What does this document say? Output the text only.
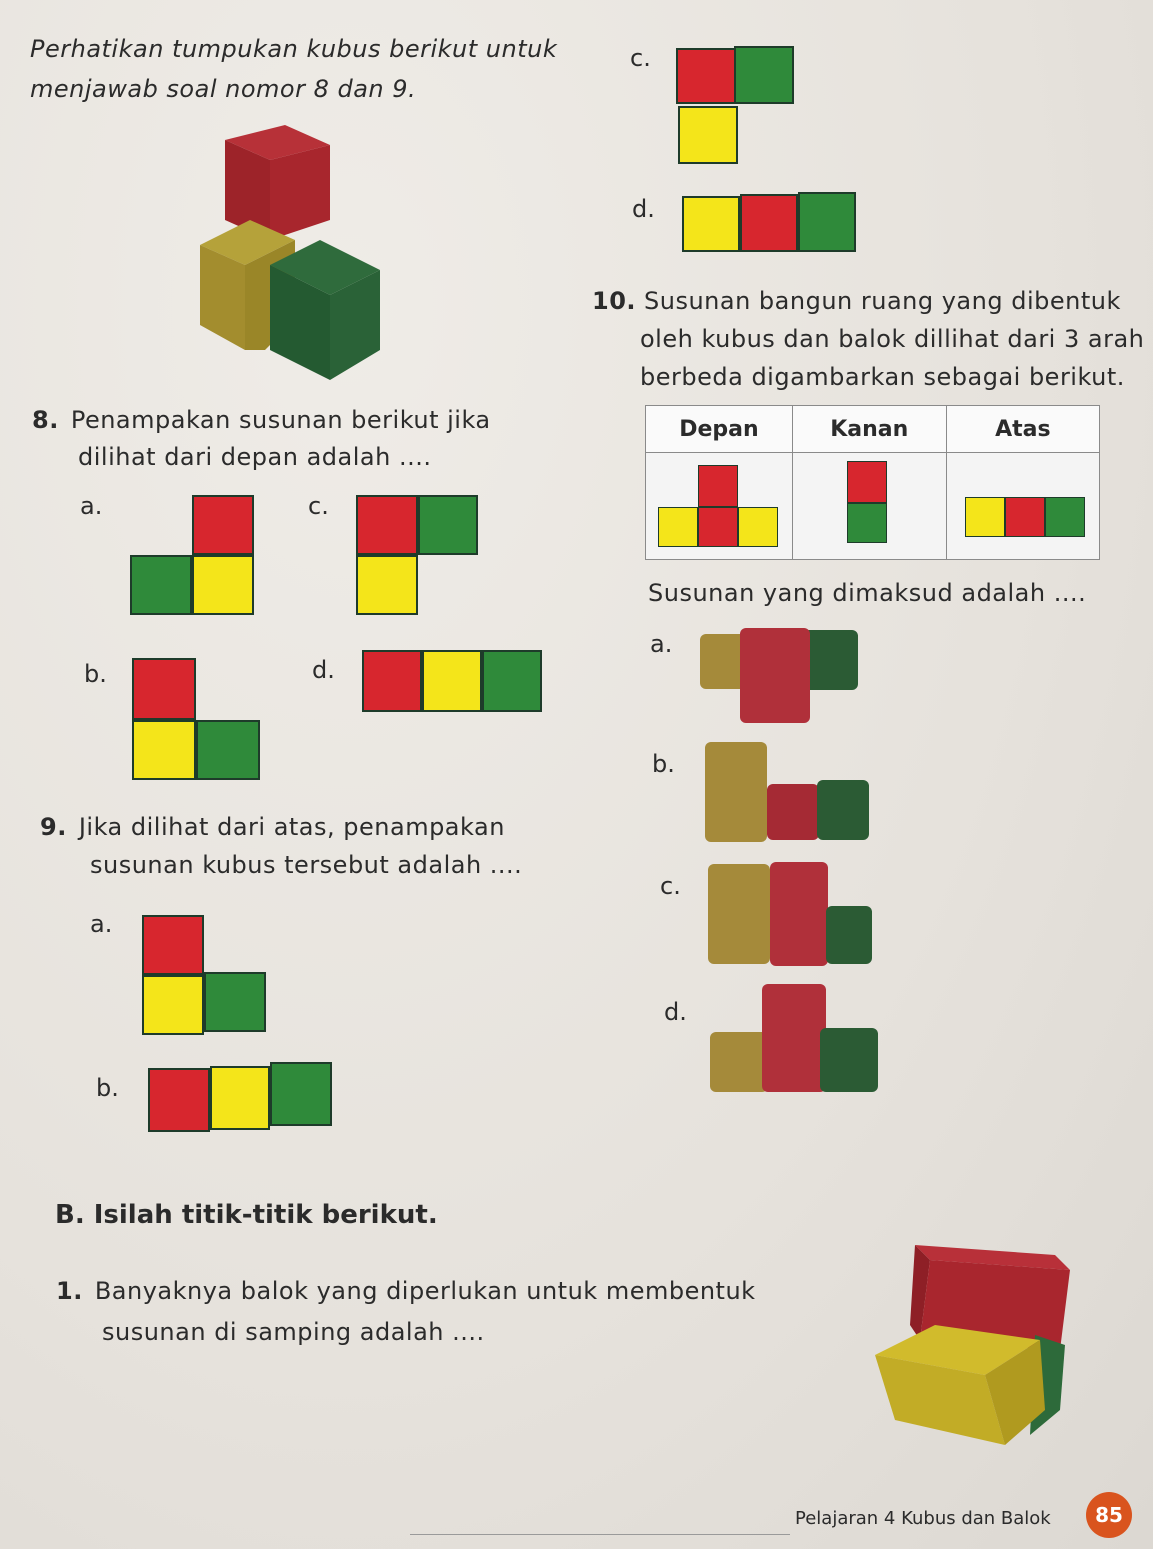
Perhatikan tumpukan kubus berikut untuk
menjawab soal nomor 8 dan 9.
8. Penampakan susunan berikut jika
dilihat dari depan adalah ....
a.	c.
b.	d.
9. Jika dilihat dari atas, penampakan
susunan kubus tersebut adalah ....
a.
b.
c.
d.
10. Susunan bangun ruang yang dibentuk
oleh kubus dan balok dillihat dari 3 arah
berbeda digambarkan sebagai berikut.
Depan	Kanan	Atas

Susunan yang dimaksud adalah ....
a.
b.
c.
d.
B. Isilah titik-titik berikut.
1. Banyaknya balok yang diperlukan untuk membentuk
susunan di samping adalah ....
Pelajaran 4 Kubus dan Balok	85
